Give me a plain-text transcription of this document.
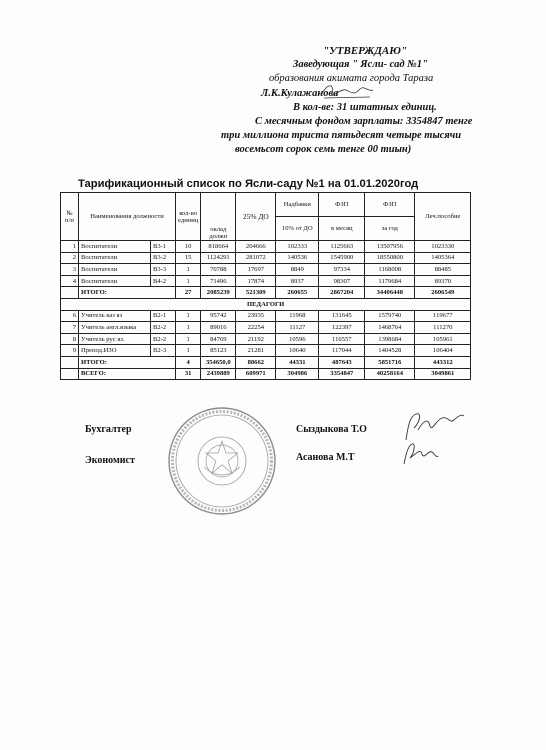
"УТВЕРЖДАЮ"
Заведующая " Ясли- сад №1"
образования акимата города Тараза
Л.К.Кулажанова
В кол-ве: 31 штатных единиц.
С месячным фондом зарплаты: 3354847 тенге
три миллиона триста пятьдесят четыре тысячи
восемьсот сорок семь тенге 00 тиын)
Тарификационный список по Ясли-саду №1 на 01.01.2020год
№ п/п	Наименования должности		кол-во единиц	оклад должн	25% ДО	Надбавки	ФЗП	ФЗП	Леч.пособие
						10% от ДО	в месяц	за год	
1	Воспитатели	В3-1	10	818664	204666	102333	1125663	13507956	1023330
2	Воспитатели	В3-2	15	1124291	281072	140536	1545900	18550800	1405364
3	Воспитатели	В3-3	1	70788	17697	8849	97334	1168008	88485
4	Воспитатели	В4-2	1	71496	17874	8937	98307	1179684	89370
	ИТОГО:		27	2085239	521309	260655	2867204	34406448	2606549
ПЕДАГОГИ									
6	Учитель каз яз	В2-1	1	95742	23935	11968	131645	1579740	119677
7	Учитель англ.языка	В2-2	1	89016	22254	11127	122397	1468764	111270
8	Учитель рус яз.	В2-2	1	84769	21192	10596	116557	1398684	105961
9	Препод.ИЗО	В2-3	1	85123	21281	10640	117044	1404528	106404
	ИТОГО:		4	354650,0	88662	44331	487643	5851716	443312
	ВСЕГО:		31	2439889	609971	304986	3354847	40258164	3049861
Бухгалтер	Сыздыкова Т.О
Экономист	Асанова М.Т
